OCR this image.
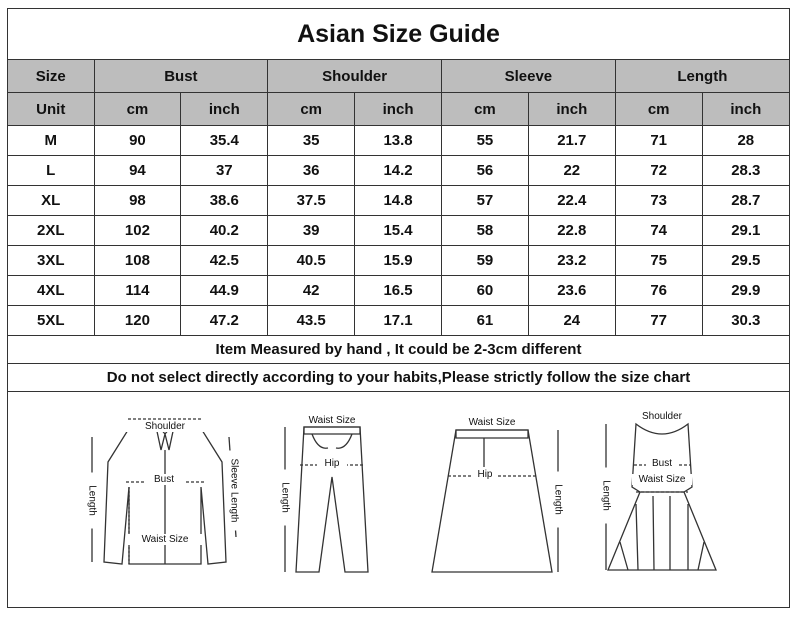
Asian Size Guide
Size	Bust		Shoulder		Sleeve		Length	
Unit	cm	inch	cm	inch	cm	inch	cm	inch
M	90	35.4	35	13.8	55	21.7	71	28
L	94	37	36	14.2	56	22	72	28.3
XL	98	38.6	37.5	14.8	57	22.4	73	28.7
2XL	102	40.2	39	15.4	58	22.8	74	29.1
3XL	108	42.5	40.5	15.9	59	23.2	75	29.5
4XL	114	44.9	42	16.5	60	23.6	76	29.9
5XL	120	47.2	43.5	17.1	61	24	77	30.3
Item Measured by hand , It could be 2-3cm different
Do not select directly according to your habits,Please strictly follow the size chart
Shoulder
Bust
Waist Size
Length	Sleeve Length
Waist Size
Hip
Length
Waist Size
Hip
Length
Shoulder
Bust
Waist Size
Length
